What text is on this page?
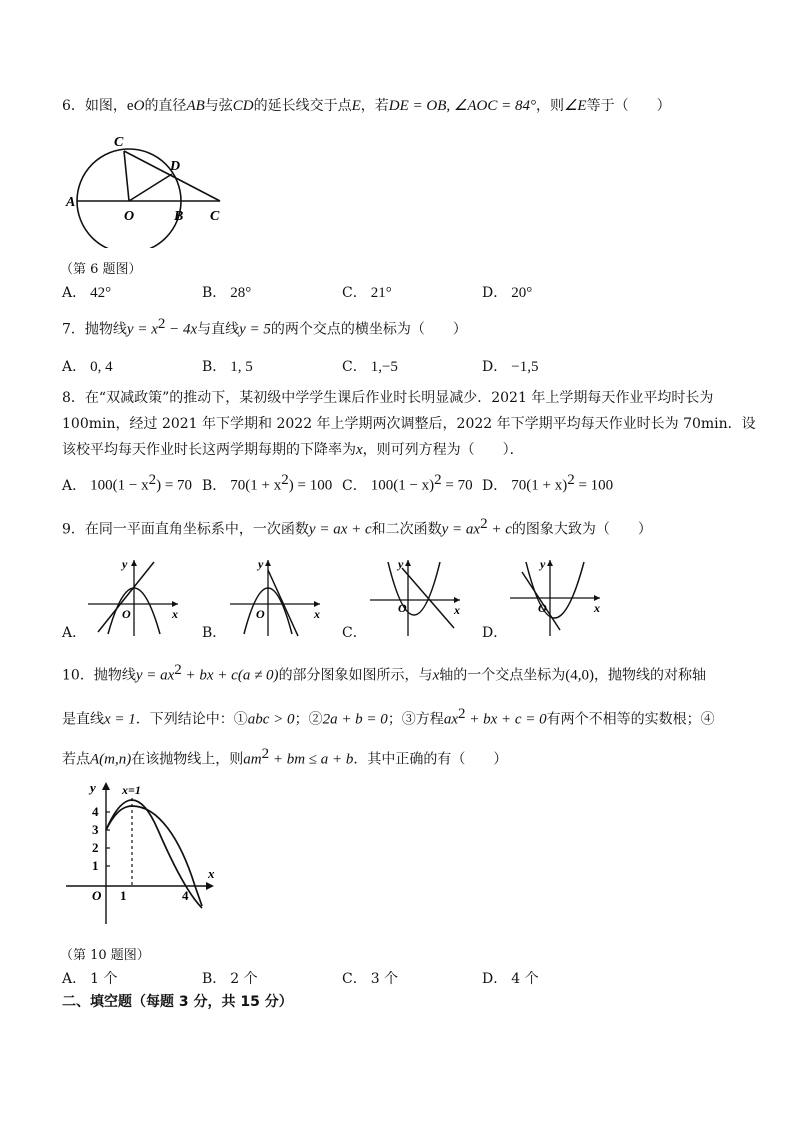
6．如图，eO的直径AB与弦CD的延长线交于点E，若DE = OB, ∠AOC = 84°，则∠E等于（　　）
C
D
A
O	B C
（第 6 题图）
A． 42°	B． 28°	C． 21°	D． 20°
7．抛物线$y = x^2 - 4x$与直线y = 5的两个交点的横坐标为（　　）
A． 0, 4	B． 1, 5	C． 1,−5	D． −1,5
8．在“双减政策”的推动下，某初级中学学生课后作业时长明显减少．2021 年上学期每天作业平均时长为
100min，经过 2021 年下学期和 2022 年上学期两次调整后，2022 年下学期平均每天作业时长为 70min．设
该校平均每天作业时长这两学期每期的下降率为x，则可列方程为（　　）．
A． $100(1 - x^2) = 70$ B． $70(1 + x^2) = 100$ C． $100(1 - x)^2 = 70$ D． $70(1 + x)^2 = 100$
9．在同一平面直角坐标系中，一次函数y = ax + c和二次函数$y = ax^2 + c$的图象大致为（　　）
y
x
O
A．
y
x
O
B．
y
x
O
C．
y
x
O
D．
10．抛物线$y = ax^2$ + bx + c(a ≠ 0)的部分图象如图所示，与x轴的一个交点坐标为(4,0)，抛物线的对称轴
是直线x = 1．下列结论中：①abc > 0；②2a + b = 0；③方程$ax^2$ + bx + c = 0有两个不相等的实数根；④
若点A(m,n)在该抛物线上，则$am^2$ + bm ≤ a + b．其中正确的有（　　）
y
x
O
x=1
4
3
2
1
1	4
（第 10 题图）
A． 1 个	B． 2 个	C． 3 个	D． 4 个
二、填空题（每题 3 分，共 15 分）
